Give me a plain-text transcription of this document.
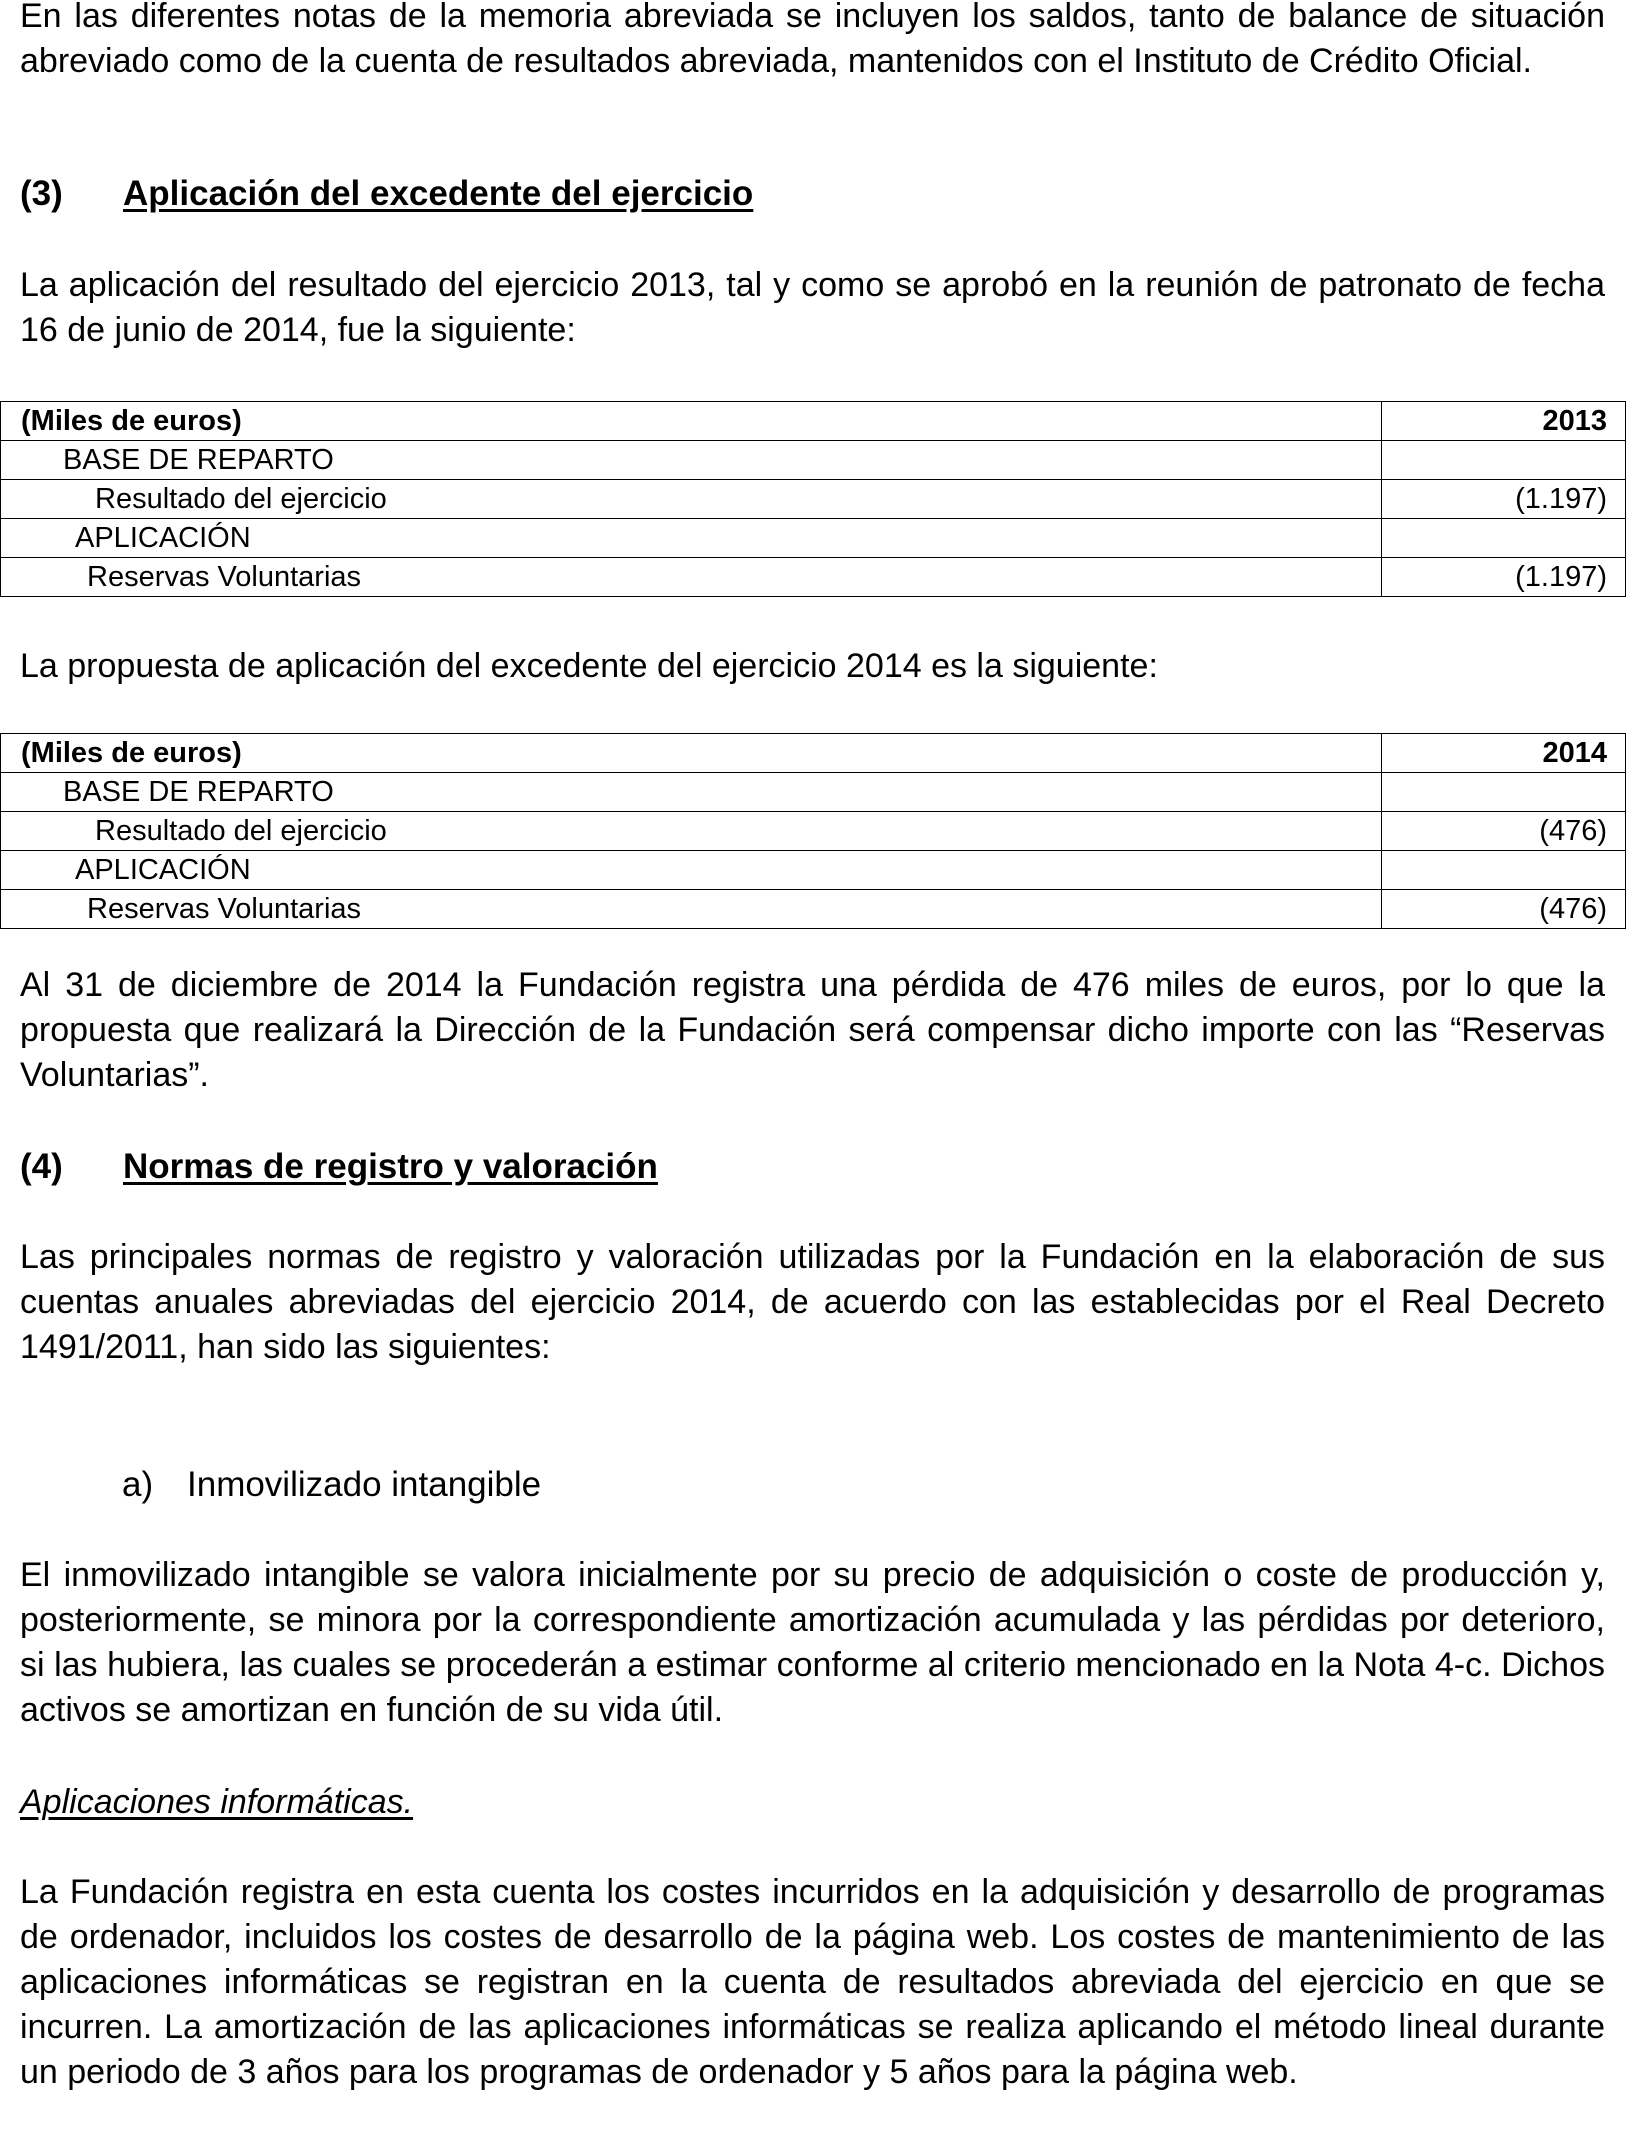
En las diferentes notas de la memoria abreviada se incluyen los saldos, tanto de balance de situación abreviado como de la cuenta de resultados abreviada, mantenidos con el Instituto de Crédito Oficial.

(3) Aplicación del excedente del ejercicio

La aplicación del resultado del ejercicio 2013, tal y como se aprobó en la reunión de patronato de fecha 16 de junio de 2014, fue la siguiente:

(Miles de euros)	2013
BASE DE REPARTO	
Resultado del ejercicio	(1.197)
APLICACIÓN	
Reservas Voluntarias	(1.197)

La propuesta de aplicación del excedente del ejercicio 2014 es la siguiente:

(Miles de euros)	2014
BASE DE REPARTO	
Resultado del ejercicio	(476)
APLICACIÓN	
Reservas Voluntarias	(476)

Al 31 de diciembre de 2014 la Fundación registra una pérdida de 476 miles de euros, por lo que la propuesta que realizará la Dirección de la Fundación será compensar dicho importe con las “Reservas Voluntarias”.

(4) Normas de registro y valoración

Las principales normas de registro y valoración utilizadas por la Fundación en la elaboración de sus cuentas anuales abreviadas del ejercicio 2014, de acuerdo con las establecidas por el Real Decreto 1491/2011, han sido las siguientes:

a) Inmovilizado intangible

El inmovilizado intangible se valora inicialmente por su precio de adquisición o coste de producción y, posteriormente, se minora por la correspondiente amortización acumulada y las pérdidas por deterioro, si las hubiera, las cuales se procederán a estimar conforme al criterio mencionado en la Nota 4-c. Dichos activos se amortizan en función de su vida útil.

Aplicaciones informáticas.

La Fundación registra en esta cuenta los costes incurridos en la adquisición y desarrollo de programas de ordenador, incluidos los costes de desarrollo de la página web. Los costes de mantenimiento de las aplicaciones informáticas se registran en la cuenta de resultados abreviada del ejercicio en que se incurren. La amortización de las aplicaciones informáticas se realiza aplicando el método lineal durante un periodo de 3 años para los programas de ordenador y 5 años para la página web.
